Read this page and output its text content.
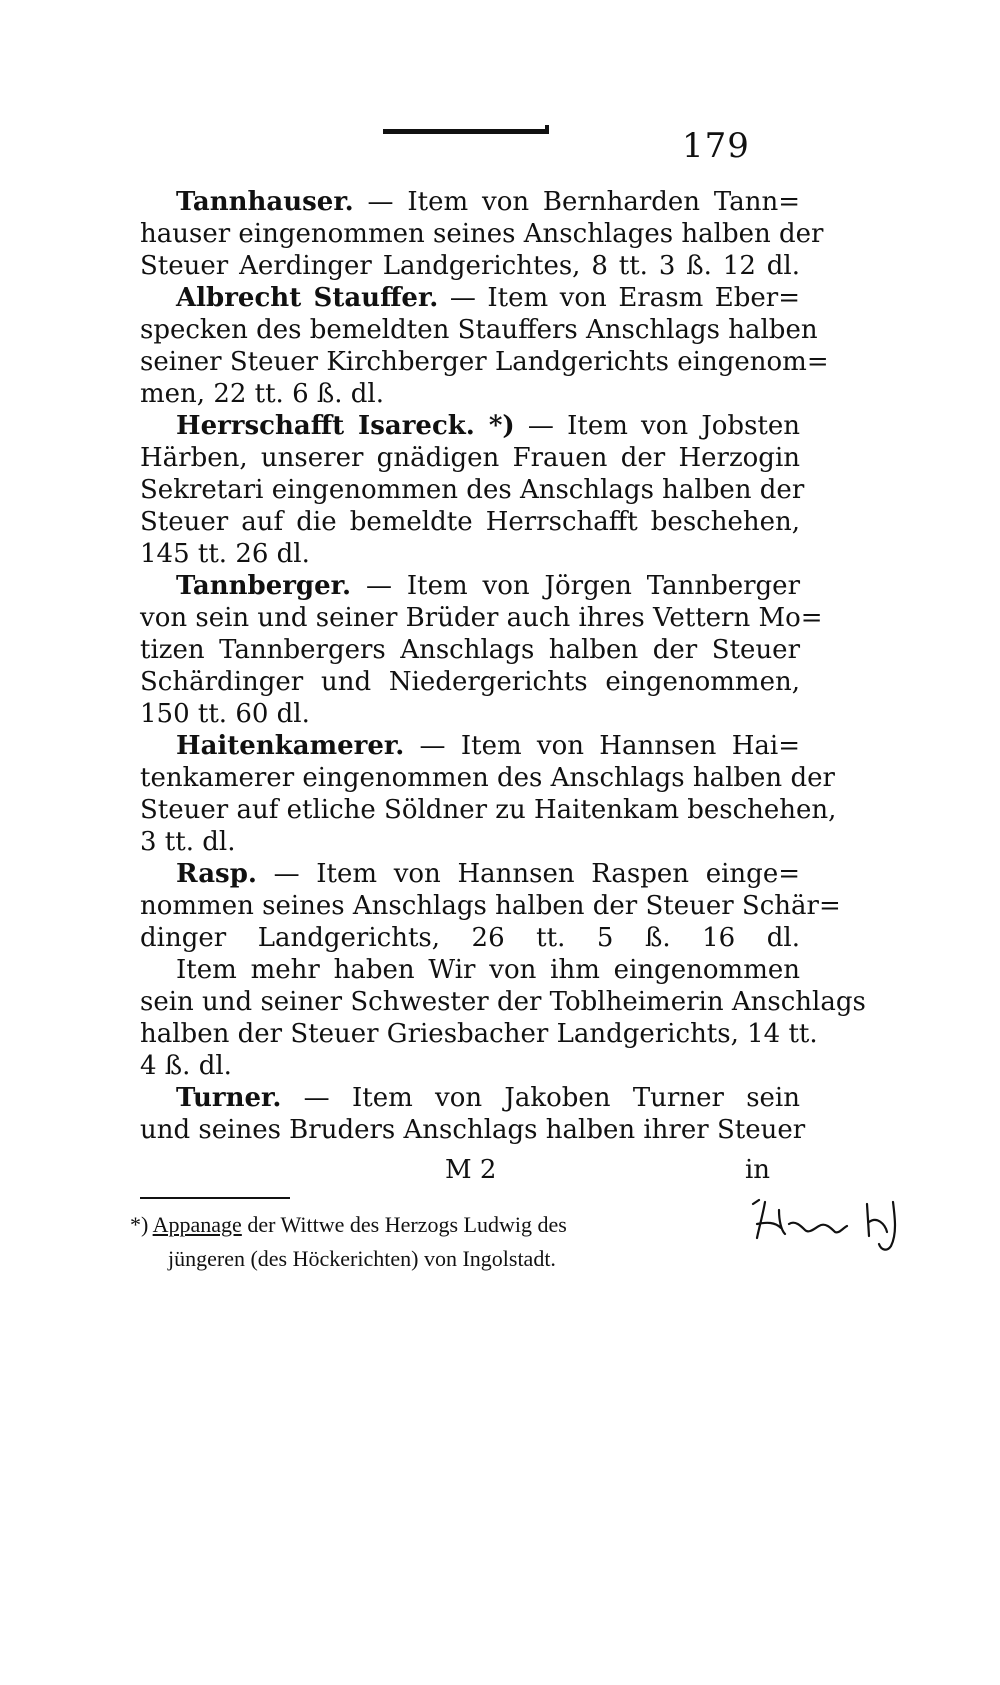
179
Tannhauser. — Item von Bernharden Tann=
hauser eingenommen seines Anschlages halben der
Steuer Aerdinger Landgerichtes, 8 tt. 3 ß. 12 dl.
Albrecht Stauffer. — Item von Erasm Eber=
specken des bemeldten Stauffers Anschlags halben
seiner Steuer Kirchberger Landgerichts eingenom=
men, 22 tt. 6 ß. dl.
Herrschafft Isareck. *) — Item von Jobsten
Härben, unserer gnädigen Frauen der Herzogin
Sekretari eingenommen des Anschlags halben der
Steuer auf die bemeldte Herrschafft beschehen,
145 tt. 26 dl.
Tannberger. — Item von Jörgen Tannberger
von sein und seiner Brüder auch ihres Vettern Mo=
tizen Tannbergers Anschlags halben der Steuer
Schärdinger und Niedergerichts eingenommen,
150 tt. 60 dl.
Haitenkamerer. — Item von Hannsen Hai=
tenkamerer eingenommen des Anschlags halben der
Steuer auf etliche Söldner zu Haitenkam beschehen,
3 tt. dl.
Rasp. — Item von Hannsen Raspen einge=
nommen seines Anschlags halben der Steuer Schär=
dinger Landgerichts, 26 tt. 5 ß. 16 dl.
Item mehr haben Wir von ihm eingenommen
sein und seiner Schwester der Toblheimerin Anschlags
halben der Steuer Griesbacher Landgerichts, 14 tt.
4 ß. dl.
Turner. — Item von Jakoben Turner sein
und seines Bruders Anschlags halben ihrer Steuer
M 2	in
*) Appanage der Wittwe des Herzogs Ludwig des
jüngeren (des Höckerichten) von Ingolstadt.
